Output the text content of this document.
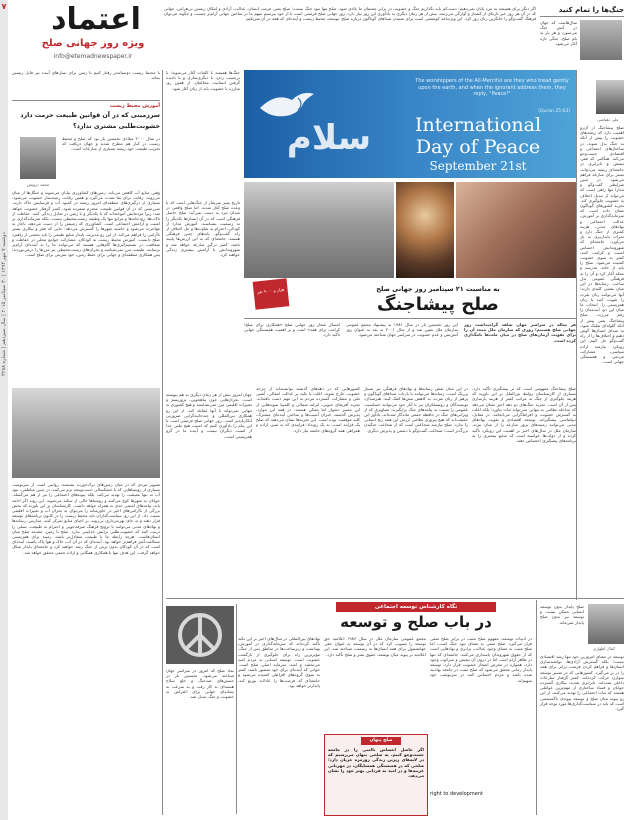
اعتماد
ویژه روز جهانی صلح
info@etemadnewspaper.ir
۷
دوشنبه ۷ مهر ۱۳۹۴ | ۳۰ سپتامبر ۲۰۱۵ | سال سیزدهم | شماره ۳۲۸۸
اگر دیگر برای همیشه به نبرد پایان نمی‌دهیم؛ دست‌کم باید نگذاریم جنگ و خشونت در برابر چشمان ما عادی شود. صلح تنها نبود جنگ نیست؛ صلح یعنی حرمت انسان، عدالت، آزادی و امکان زیستن بی‌هراس. جهانی که در آن هر روز خبر تازه‌ای از کشتار و آوارگی می‌رسد، بیش از هر زمان دیگری به یادآوری این روز نیاز دارد. روز جهانی صلح فرصتی است تا از خود بپرسیم سهم ما در ساختن جهانی آرام‌تر چیست و چگونه می‌توان فرهنگ گفت‌وگو را جایگزین زبان زور کرد. این ویژه‌نامه کوششی است برای شنیدن صداهای گوناگون درباره صلح، توسعه، محیط زیست و آینده‌ای که همه در آن شریکیم.
جنگ‌ها را تمام کنید
سال‌هاست که جهان در آتش جنگ می‌سوزد و هر بار به نام صلح، جنگی تازه آغاز می‌شود.
علی دهباشی
صلح پیشاجنگ از آن‌رو اهمیت دارد که ریشه‌های خشونت را پیش از آنکه به جنگ بدل شوند، در ساختارهای اجتماعی و اقتصادی جست‌وجو می‌کند. هنگامی که فقر، تبعیض و نابرابری در جامعه‌ای ریشه می‌دواند، بستر برای منازعه فراهم می‌شود. در چنین شرایطی گفت‌وگو و مدارا تنها راهی است که می‌تواند از تبدیل اختلاف به خشونت جلوگیری کند. تجربه کشورهای گوناگون نشان داده است که سرمایه‌گذاری بر آموزش، عدالت اجتماعی و نهادهای مدنی، هزینه کمتری از جنگ دارد و ثمرات پایدارتری به بار می‌آورد. جامعه‌ای که شهروندانش احساس امنیت و کرامت کنند، کمتر به سوی خشونت کشیده می‌شود. صلح را باید از خانه، مدرسه و محله آغاز کرد و آن را به فرهنگی عمومی بدل ساخت. رسانه‌ها در این میان نقشی کلیدی دارند؛ آنها می‌توانند زبان نفرت را تقویت کنند یا زبان همزیستی را. انتخاب ما میان این دو، آینده‌مان را رقم می‌زند. صلح پیشاجنگ یعنی پیش از آنکه گلوله‌ای شلیک شود، به صدای انسان‌ها گوش دهیم و اختلاف‌ها را از راه گفت‌وگو حل کنیم. این رویکرد نیازمند اراده سیاسی، مشارکت مردمی و همبستگی جهانی است.
با محیط زیست دوستانه‌تر رفتار کنیم تا زمین برای نسل‌های آینده نیز قابل زیستن بماند.
آموزش محیط زیست
سرزمینی که در آن قوانین طبیعت حرمت دارد
خشونت‌طلبی مشتری ندارد؟
محمد درویش
در سال ۲۰۰۰ میلادی نخستین بار بود که صلح و محیط زیست در کنار هم مطرح شدند و جهان دریافت که تخریب طبیعت خود ریشه بسیاری از منازعات است.
وقتی منابع آب کاهش می‌یابد، زمین‌های کشاورزی بیابان می‌شوند و جنگل‌ها از میان می‌روند، رقابت برای بقا شدت می‌گیرد و همین رقابت زمینه‌ساز خشونت می‌شود. بسیاری از درگیری‌های منطقه‌ای امروز ریشه در کمبود آب و فرسایش خاک دارند. سرزمینی که در آن قوانین طبیعت محترم شمرده شود، کمتر گرفتار خشونت خواهد شد؛ زیرا مردمانش آموخته‌اند که با یکدیگر و با زمین در تعادل زندگی کنند. حفاظت از تالاب‌ها، رودخانه‌ها و مراتع تنها یک وظیفه زیست‌محیطی نیست، بلکه سرمایه‌گذاری بر امنیت و آرامش اجتماعی است. کشاورزی که زمینش را از دست می‌دهد، ناچار به مهاجرت می‌شود و حاشیه شهرها را گسترش می‌دهد؛ جایی که فقر و بیکاری بستر ناآرامی را فراهم می‌کند. از این رو مدیریت پایدار منابع طبیعی را باید بخشی از راهبرد صلح دانست. آموزش محیط زیست به کودکان، مشارکت جوامع محلی در حفاظت و شفافیت در تصمیم‌گیری‌ها گام‌هایی هستند که می‌توانند ما را به آینده‌ای آرام‌تر برسانند. طبیعت مرز نمی‌شناسد و بحران‌های زیست‌محیطی نیز مرزها را درمی‌نوردند؛ پس همکاری منطقه‌ای و جهانی برای حفظ زمین، خود تمرینی برای صلح است.
تصویر مردی که در میان زمین‌های ترک‌خورده نشسته، روایتی است از سرنوشت بسیاری از روستاهایی که با خشکسالی دست‌وپنجه نرم می‌کنند. در چنین مناطقی، نبود آب نه تنها معیشت را تهدید می‌کند، بلکه پیوندهای اجتماعی را نیز از هم می‌گسلد. جوانان به شهرها کوچ می‌کنند و روستاها خالی از سکنه می‌شوند. این روند اگر ادامه یابد، پیامدهای امنیتی جدی به همراه خواهد داشت. کارشناسان بر این باورند که بخش بزرگی از ناآرامی‌های اخیر در خاورمیانه را می‌توان به بحران آب و تغییرات اقلیمی نسبت داد. از این رو، سیاست‌گذاران باید محیط زیست را در کانون برنامه‌های توسعه قرار دهند و به جای بهره‌برداری بی‌رویه، بر احیای منابع تمرکز کنند. مدارس، رسانه‌ها و نهادهای مدنی می‌توانند با ترویج فرهنگ صرفه‌جویی و احترام به طبیعت، نسلی را تربیت کنند که خشونت‌طلبی برایش جذابیتی ندارد. صلح با زمین، مقدمه صلح میان انسان‌هاست. هرچه رابطه ما با طبیعت متعادل‌تر باشد، زمینه برای همزیستی مسالمت‌آمیز فراهم‌تر خواهد بود. آینده‌ای که در آن آب، خاک و هوا پاک باشند، آینده‌ای است که در آن کودکان بدون ترس از جنگ رشد خواهند کرد و جامعه‌ای پایدار شکل خواهد گرفت. این هدف تنها با همکاری همگانی و اراده جمعی محقق خواهد شد.
جنگ‌ها همیشه با کلمات آغاز می‌شوند؛ با برچسب زدن، با دیگری‌سازی و با نادیده گرفتن انسانیت مخالفان. از همین رو، مبارزه با خشونت باید از زبان آغاز شود.
سلام
The worshippers of the All-Merciful are they who tread gently upon the earth, and when the ignorant address them, they reply, "Peace!"
(Quran 25:63)
International
Day of Peace
September 21st
هزار و ۹۰۰۰ نفر	به مناسبت ۲۱ سپتامبر روز جهانی صلح
صلح پیشاجنگ
هر ساله در سراسر جهان شاهد گرامیداشت روز جهانی صلح هستیم؛ روزی که سازمان ملل متحد آن را برای تقویت آرمان‌های صلح در میان ملت‌ها نامگذاری کرده است.
این روز نخستین بار در سال ۱۹۸۱ به پیشنهاد مجمع عمومی سازمان ملل تعیین شد و از سال ۲۰۰۱ به بعد به عنوان روز آتش‌بس و عدم خشونت در سراسر جهان شناخته می‌شود.
امسال شعار روز جهانی صلح «همکاری برای صلح؛ کرامت برای همه» است و بر اهمیت همبستگی جهانی تأکید دارد.
تاریخ بشر سرشار از جنگ‌هایی است که با وعده صلح آغاز شدند. اما صلح واقعی در میدان نبرد به دست نمی‌آید؛ صلح حاصل فرهنگی است که در آن انسان‌ها یکدیگر را به رسمیت بشناسند. آموزش مدارا از کودکی، احترام به تفاوت‌ها و حل اختلاف از راه گفت‌وگو، پایه‌های چنین فرهنگی هستند. جامعه‌ای که به این ارزش‌ها پایبند باشد، کمتر درگیر منازعه خواهد شد و شهروندانش با آرامش بیشتری زندگی خواهند کرد.
صلح پیشاجنگ مفهومی است که بر پیشگیری تأکید دارد. بسیاری از کارشناسان روابط بین‌الملل بر این باورند که هزینه جلوگیری از جنگ به مراتب کمتر از هزینه بازسازی پس از آن است. تجربه جنگ‌های دو دهه اخیر نشان می‌دهد که مداخله نظامی به تنهایی نمی‌تواند ثبات بیاورد؛ بلکه اغلب به گسترش خشونت و افراط‌گرایی می‌انجامد. در مقابل، دیپلماسی پیشگیرانه، توسعه اقتصادی و تقویت نهادهای مدنی می‌توانند زمینه‌های بروز منازعه را از میان ببرند. سازمان ملل در سال‌های اخیر بر اهمیت این رویکرد تأکید کرده و از دولت‌ها خواسته است که منابع بیشتری را به برنامه‌های پیشگیری اختصاص دهند.
در این میان نقش رسانه‌ها و نهادهای فرهنگی نیز بسیار پررنگ است. رسانه‌ها می‌توانند با بازتاب صداهای گوناگون و پرهیز از زبان نفرت، به کاهش تنش‌ها کمک کنند. هنرمندان، نویسندگان و روشنفکران نیز با آثار خود می‌توانند حساسیت عمومی را نسبت به پیامدهای جنگ برانگیزند. تصاویری که از ویرانی‌های جنگ در حافظه جمعی ماندگار شده‌اند، یادآور این حقیقت‌اند که هیچ پیروزی نظامی ارزش این همه رنج انسانی را ندارد. صلح نیازمند شجاعتی است که از شجاعت جنگیدن بزرگ‌تر است؛ شجاعت گفت‌وگو با دشمن و پذیرش دیگری.
کشورهایی که در دهه‌های گذشته توانسته‌اند از چرخه خشونت خارج شوند، اغلب با تکیه بر عدالت انتقالی، آشتی ملی و مشارکت گسترده مردم به این مهم دست یافته‌اند. تجربه آفریقای جنوبی، ایرلند شمالی و کلمبیا نمونه‌هایی از این مسیر دشوار اما ممکن هستند. در همه این موارد، پذیرش گذشته، جبران آسیب‌ها و ساختن آینده‌ای مشترک، کلید موفقیت بوده است. این تجربه‌ها نشان می‌دهند که صلح یک فرایند است، نه یک رویداد؛ فرایندی که به صبر، اراده و همراهی همه گروه‌های جامعه نیاز دارد.
جهان امروز بیش از هر زمان دیگری به هم پیوسته است. بحران‌هایی چون پناهجویی، تروریسم و تغییرات اقلیمی مرز نمی‌شناسند و هیچ کشوری به تنهایی نمی‌تواند با آنها مقابله کند. از این رو همکاری بین‌المللی و چندجانبه‌گرایی ضرورتی انکارناپذیر است. روز جهانی صلح فرصتی است تا این پیام را یادآوری کنیم که امنیت هیچ ملتی جدا از امنیت دیگران نیست و آینده ما در گرو همزیستی است.
نگاه کارشناس توسعه اجتماعی
در باب صلح و توسعه
کمال اطهاری
صلح پایدار بدون توسعه انسانی ممکن نیست و توسعه نیز بدون صلح پایدار نمی‌ماند.
توسعه در معنای امروزین خود تنها رشد اقتصادی نیست؛ بلکه گسترش آزادی‌ها، توانمندسازی انسان‌ها و فراهم کردن فرصت برابر برای همه را در بر می‌گیرد. کشورهایی که در مسیر توسعه متوازن حرکت کرده‌اند، کمتر گرفتار منازعات داخلی شده‌اند. نابرابری شدید، بیکاری گسترده جوانان و فساد ساختاری از مهم‌ترین عواملی هستند که ثبات اجتماعی را تهدید می‌کنند. از این رو پیوند میان صلح و توسعه پیوندی ناگسستنی است که باید در سیاست‌گذاری‌ها مورد توجه قرار گیرد.
در ادبیات توسعه، مفهوم صلح مثبت در برابر صلح منفی قرار می‌گیرد. صلح منفی به معنای نبود جنگ است، اما صلح مثبت به معنای وجود عدالت، برابری و نهادهایی است که از حقوق شهروندان پاسداری می‌کنند. جامعه‌ای که تنها در ظاهر آرام است اما در درون آن تبعیض و سرکوب وجود دارد، همواره در معرض انفجار خشونت قرار دارد. توسعه پایدار زمانی محقق می‌شود که صلح مثبت در جامعه نهادینه شده باشد و مردم احساس کنند در سرنوشت خود سهیم‌اند.
مجمع عمومی سازمان ملل در سال ۱۹۸۶ اعلامیه حق توسعه را تصویب کرد که در آن توسعه به عنوان حقی جهانشمول برای همه انسان‌ها به رسمیت شناخته شد. این اعلامیه بر پیوند میان توسعه، حقوق بشر و صلح تأکید دارد.
right to development
صلح پنهان
اگر حاصل احساس ناامنی را در جامعه جست‌وجو کنیم، به صلحی پنهان می‌رسیم که در لایه‌های زیرین زندگی روزمره جریان دارد؛ صلحی که در همبستگی همسایگان، در مهربانی غریبه‌ها و در امید به فردایی بهتر خود را نشان می‌دهد.
نهادهای بین‌المللی در سال‌های اخیر بر این نکته تأکید کرده‌اند که سرمایه‌گذاری در آموزش، بهداشت و زیرساخت‌ها در مناطق پس از جنگ، مؤثرترین راه برای جلوگیری از بازگشت خشونت است. توسعه انسانی به مردم امید می‌بخشد و امید، سرمایه اصلی صلح است. جوانی که آینده‌ای برای خود متصور باشد، کمتر به سوی گروه‌های افراطی کشیده می‌شود و جامعه‌ای که فرصت‌ها را عادلانه توزیع کند، پایدارتر خواهد بود.
نماد صلح که امروز در سراسر جهان شناخته می‌شود، نخستین بار در جنبش‌های ضدجنگ و خلع سلاح هسته‌ای به کار رفت و به سرعت به نشانه‌ای جهانی برای اعتراض به خشونت و جنگ تبدیل شد.
